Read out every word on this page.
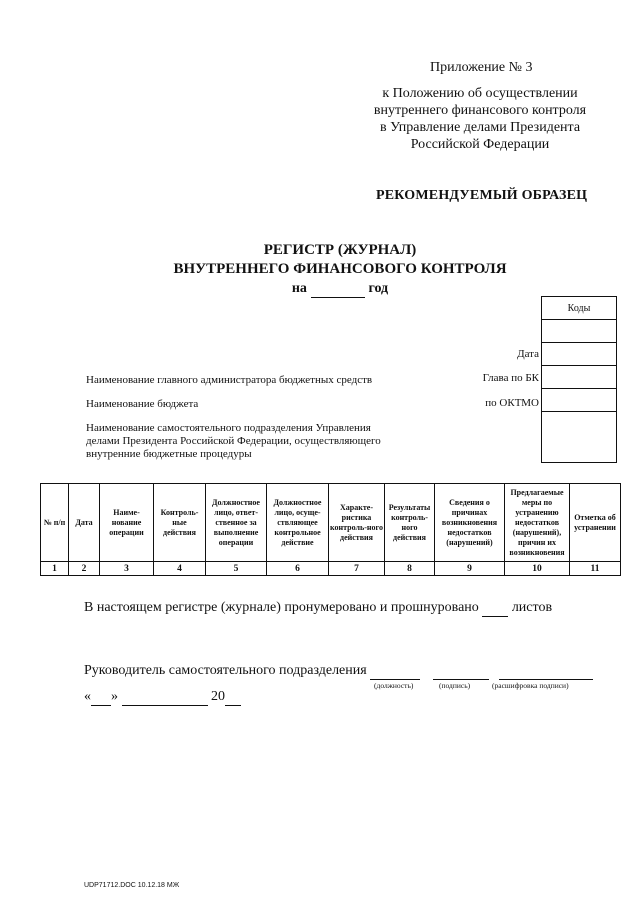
Приложение № 3
к Положению об осуществлении
внутреннего финансового контроля
в Управление делами Президента
Российской Федерации
РЕКОМЕНДУЕМЫЙ ОБРАЗЕЦ
РЕГИСТР (ЖУРНАЛ)
ВНУТРЕННЕГО ФИНАНСОВОГО КОНТРОЛЯ
на	год
Коды

Дата
Глава по БК
по ОКТМО
Наименование главного администратора бюджетных средств
Наименование бюджета
Наименование самостоятельного подразделения Управления делами Президента Российской Федерации, осуществляющего внутренние бюджетные процедуры
№ п/п	Дата	Наиме-нование операции	Контроль-ные действия	Должностное лицо, ответ-ственное за выполнение операции	Должностное лицо, осуще-ствляющее контрольное действие	Характе-ристика контроль-ного действия	Результаты контроль-ного действия	Сведения о причинах возникновения недостатков (нарушений)	Предлагаемые меры по устранению недостатков (нарушений), причин их возникновения	Отметка об устранении
1	2	3	4	5	6	7	8	9	10	11
В настоящем регистре (журнале) пронумеровано и прошнуровано листов
Руководитель самостоятельного подразделения
(должность)	(подпись)	(расшифровка подписи)
« »	20
UDP71712.DOC 10.12.18 МЖ
